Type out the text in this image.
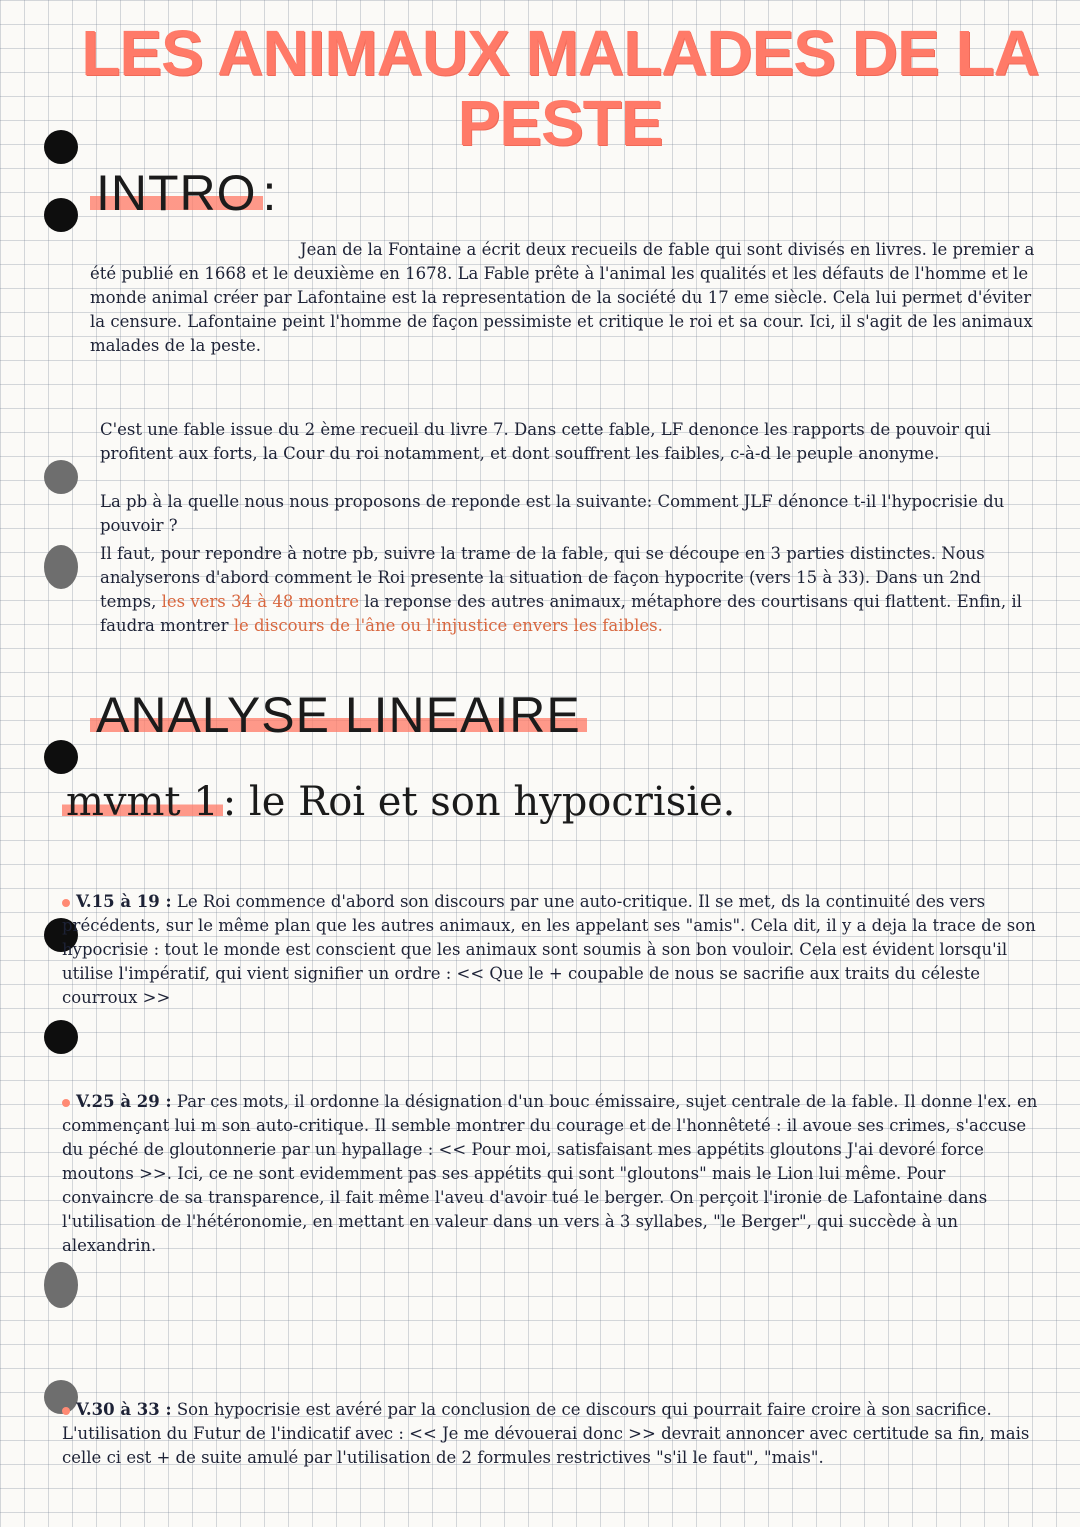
LES ANIMAUX MALADES DE LA PESTE
INTRO :

Jean de la Fontaine a écrit deux recueils de fable qui sont divisés en livres. le premier a été publié en 1668 et le deuxième en 1678. La Fable prête à l'animal les qualités et les défauts de l'homme et le monde animal créer par Lafontaine est la representation de la société du 17 eme siècle. Cela lui permet d'éviter la censure. Lafontaine peint l'homme de façon pessimiste et critique le roi et sa cour. Ici, il s'agit de les animaux malades de la peste.

C'est une fable issue du 2 ème recueil du livre 7. Dans cette fable, LF denonce les rapports de pouvoir qui profitent aux forts, la Cour du roi notamment, et dont souffrent les faibles, c-à-d le peuple anonyme.

La pb à la quelle nous nous proposons de reponde est la suivante: Comment JLF dénonce t-il l'hypocrisie du pouvoir ?

Il faut, pour repondre à notre pb, suivre la trame de la fable, qui se découpe en 3 parties distinctes. Nous analyserons d'abord comment le Roi presente la situation de façon hypocrite (vers 15 à 33). Dans un 2nd temps, les vers 34 à 48 montre la reponse des autres animaux, métaphore des courtisans qui flattent. Enfin, il faudra montrer le discours de l'âne ou l'injustice envers les faibles.

ANALYSE LINEAIRE
mvmt 1 : le Roi et son hypocrisie.

V.15 à 19 : Le Roi commence d'abord son discours par une auto-critique. Il se met, ds la continuité des vers précédents, sur le même plan que les autres animaux, en les appelant ses "amis". Cela dit, il y a deja la trace de son hypocrisie : tout le monde est conscient que les animaux sont soumis à son bon vouloir. Cela est évident lorsqu'il utilise l'impératif, qui vient signifier un ordre : << Que le + coupable de nous se sacrifie aux traits du céleste courroux >>

V.25 à 29 : Par ces mots, il ordonne la désignation d'un bouc émissaire, sujet centrale de la fable. Il donne l'ex. en commençant lui m son auto-critique. Il semble montrer du courage et de l'honnêteté : il avoue ses crimes, s'accuse du péché de gloutonnerie par un hypallage : << Pour moi, satisfaisant mes appétits gloutons J'ai devoré force moutons >>. Ici, ce ne sont evidemment pas ses appétits qui sont "gloutons" mais le Lion lui même. Pour convaincre de sa transparence, il fait même l'aveu d'avoir tué le berger. On perçoit l'ironie de Lafontaine dans l'utilisation de l'hétéronomie, en mettant en valeur dans un vers à 3 syllabes, "le Berger", qui succède à un alexandrin.

V.30 à 33 : Son hypocrisie est avéré par la conclusion de ce discours qui pourrait faire croire à son sacrifice. L'utilisation du Futur de l'indicatif avec : << Je me dévouerai donc >> devrait annoncer avec certitude sa fin, mais celle ci est + de suite amulé par l'utilisation de 2 formules restrictives "s'il le faut", "mais".
